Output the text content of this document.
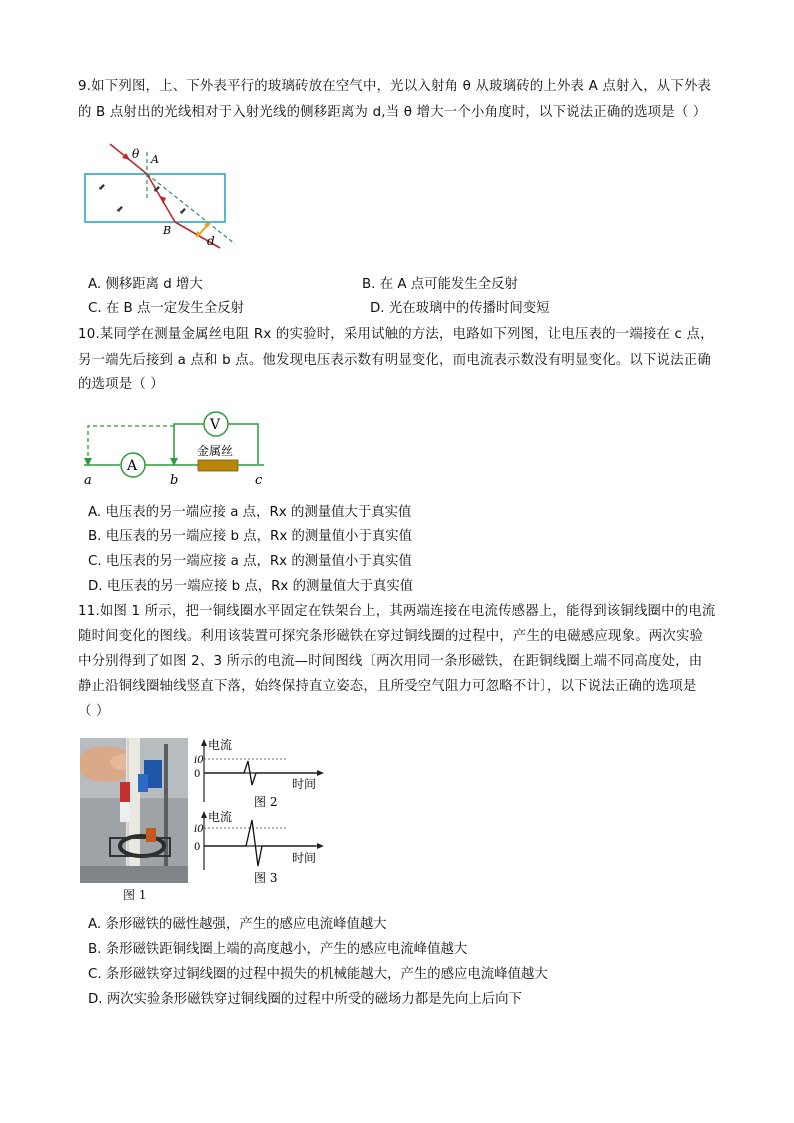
9.如下列图，上、下外表平行的玻璃砖放在空气中，光以入射角 θ 从玻璃砖的上外表 A 点射入，从下外表
的 B 点射出的光线相对于入射光线的侧移距离为 d,当 θ 增大一个小角度时，以下说法正确的选项是（ ）
⬋
⬋
⬋
⬋
θ A
B
d
A. 侧移距离 d 增大	B. 在 A 点可能发生全反射
C. 在 B 点一定发生全反射	D. 光在玻璃中的传播时间变短
10.某同学在测量金属丝电阻 Rx 的实验时，采用试触的方法，电路如下列图，让电压表的一端接在 c 点，
另一端先后接到 a 点和 b 点。他发现电压表示数有明显变化，而电流表示数没有明显变化。以下说法正确
的选项是（ ）
V
A
金属丝
a	b	c
A. 电压表的另一端应接 a 点，Rx 的测量值大于真实值
B. 电压表的另一端应接 b 点，Rx 的测量值小于真实值
C. 电压表的另一端应接 a 点，Rx 的测量值小于真实值
D. 电压表的另一端应接 b 点，Rx 的测量值大于真实值
11.如图 1 所示，把一铜线圈水平固定在铁架台上，其两端连接在电流传感器上，能得到该铜线圈中的电流
随时间变化的图线。利用该装置可探究条形磁铁在穿过铜线圈的过程中，产生的电磁感应现象。两次实验
中分别得到了如图 2、3 所示的电流—时间图线〔两次用同一条形磁铁，在距铜线圈上端不同高度处，由
静止沿铜线圈轴线竖直下落，始终保持直立姿态，且所受空气阻力可忽略不计〕，以下说法正确的选项是
（ ）
图 1
电流
i0
0
时间
图 2
电流
i0
0
时间
图 3
A. 条形磁铁的磁性越强，产生的感应电流峰值越大
B. 条形磁铁距铜线圈上端的高度越小，产生的感应电流峰值越大
C. 条形磁铁穿过铜线圈的过程中损失的机械能越大，产生的感应电流峰值越大
D. 两次实验条形磁铁穿过铜线圈的过程中所受的磁场力都是先向上后向下
